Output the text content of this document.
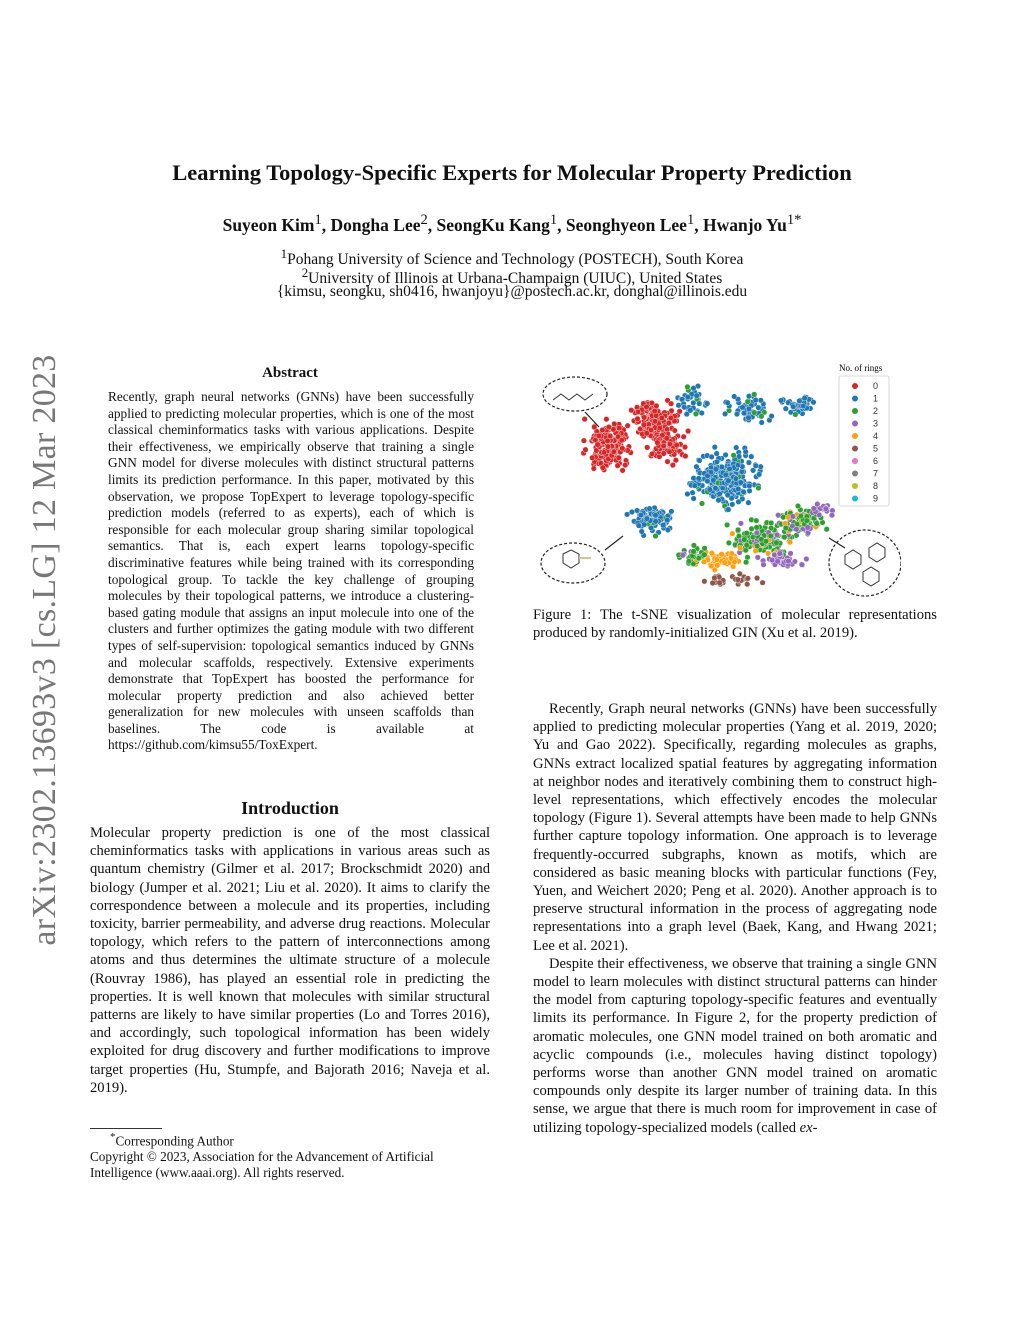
arXiv:2302.13693v3 [cs.LG] 12 Mar 2023
Learning Topology-Specific Experts for Molecular Property Prediction
Suyeon Kim$^1$, Dongha Lee$^2$, SeongKu Kang$^1$, Seonghyeon Lee$^1$, Hwanjo $Yu^{1*}$
$^1$Pohang University of Science and Technology (POSTECH), South Korea
$^2$University of Illinois at Urbana-Champaign (UIUC), United States
{kimsu, seongku, sh0416, hwanjoyu}@postech.ac.kr, donghal@illinois.edu
Abstract

Recently, graph neural networks (GNNs) have been successfully applied to predicting molecular properties, which is one of the most classical cheminformatics tasks with various applications. Despite their effectiveness, we empirically observe that training a single GNN model for diverse molecules with distinct structural patterns limits its prediction performance. In this paper, motivated by this observation, we propose TopExpert to leverage topology-specific prediction models (referred to as experts), each of which is responsible for each molecular group sharing similar topological semantics. That is, each expert learns topology-specific discriminative features while being trained with its corresponding topological group. To tackle the key challenge of grouping molecules by their topological patterns, we introduce a clustering-based gating module that assigns an input molecule into one of the clusters and further optimizes the gating module with two different types of self-supervision: topological semantics induced by GNNs and molecular scaffolds, respectively. Extensive experiments demonstrate that TopExpert has boosted the performance for molecular property prediction and also achieved better generalization for new molecules with unseen scaffolds than baselines. The code is available at https://github.com/kimsu55/ToxExpert.

Introduction

Molecular property prediction is one of the most classical cheminformatics tasks with applications in various areas such as quantum chemistry (Gilmer et al. 2017; Brockschmidt 2020) and biology (Jumper et al. 2021; Liu et al. 2020). It aims to clarify the correspondence between a molecule and its properties, including toxicity, barrier permeability, and adverse drug reactions. Molecular topology, which refers to the pattern of interconnections among atoms and thus determines the ultimate structure of a molecule (Rouvray 1986), has played an essential role in predicting the properties. It is well known that molecules with similar structural patterns are likely to have similar properties (Lo and Torres 2016), and accordingly, such topological information has been widely exploited for drug discovery and further modifications to improve target properties (Hu, Stumpfe, and Bajorath 2016; Naveja et al. 2019).

*Corresponding Author
Copyright © 2023, Association for the Advancement of Artificial Intelligence (www.aaai.org). All rights reserved.
No. of rings
0
1
2
3
4
5
6
7
8
9
Figure 1: The t-SNE visualization of molecular representations produced by randomly-initialized GIN (Xu et al. 2019).

Recently, Graph neural networks (GNNs) have been successfully applied to predicting molecular properties (Yang et al. 2019, 2020; Yu and Gao 2022). Specifically, regarding molecules as graphs, GNNs extract localized spatial features by aggregating information at neighbor nodes and iteratively combining them to construct high-level representations, which effectively encodes the molecular topology (Figure 1). Several attempts have been made to help GNNs further capture topology information. One approach is to leverage frequently-occurred subgraphs, known as motifs, which are considered as basic meaning blocks with particular functions (Fey, Yuen, and Weichert 2020; Peng et al. 2020). Another approach is to preserve structural information in the process of aggregating node representations into a graph level (Baek, Kang, and Hwang 2021; Lee et al. 2021).

Despite their effectiveness, we observe that training a single GNN model to learn molecules with distinct structural patterns can hinder the model from capturing topology-specific features and eventually limits its performance. In Figure 2, for the property prediction of aromatic molecules, one GNN model trained on both aromatic and acyclic compounds (i.e., molecules having distinct topology) performs worse than another GNN model trained on aromatic compounds only despite its larger number of training data. In this sense, we argue that there is much room for improvement in case of utilizing topology-specialized models (called ex-
